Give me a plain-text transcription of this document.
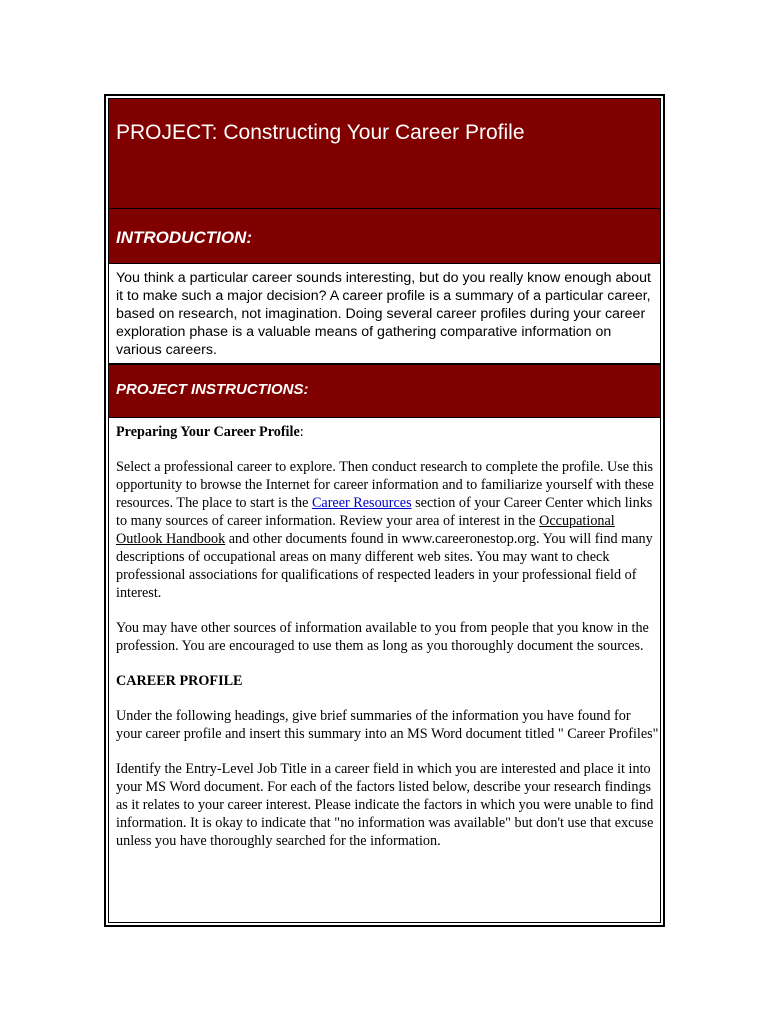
PROJECT: Constructing Your Career Profile
INTRODUCTION:

You think a particular career sounds interesting, but do you really know enough about it to make such a major decision? A career profile is a summary of a particular career, based on research, not imagination. Doing several career profiles during your career exploration phase is a valuable means of gathering comparative information on various careers.

PROJECT INSTRUCTIONS:

Preparing Your Career Profile:

Select a professional career to explore. Then conduct research to complete the profile. Use this opportunity to browse the Internet for career information and to familiarize yourself with these resources. The place to start is the Career Resources section of your Career Center which links to many sources of career information. Review your area of interest in the Occupational Outlook Handbook and other documents found in www.careeronestop.org. You will find many descriptions of occupational areas on many different web sites. You may want to check professional associations for qualifications of respected leaders in your professional field of interest.

You may have other sources of information available to you from people that you know in the profession. You are encouraged to use them as long as you thoroughly document the sources.

CAREER PROFILE

Under the following headings, give brief summaries of the information you have found for your career profile and insert this summary into an MS Word document titled " Career Profiles"

Identify the Entry-Level Job Title in a career field in which you are interested and place it into your MS Word document. For each of the factors listed below, describe your research findings as it relates to your career interest. Please indicate the factors in which you were unable to find information. It is okay to indicate that "no information was available" but don't use that excuse unless you have thoroughly searched for the information.
